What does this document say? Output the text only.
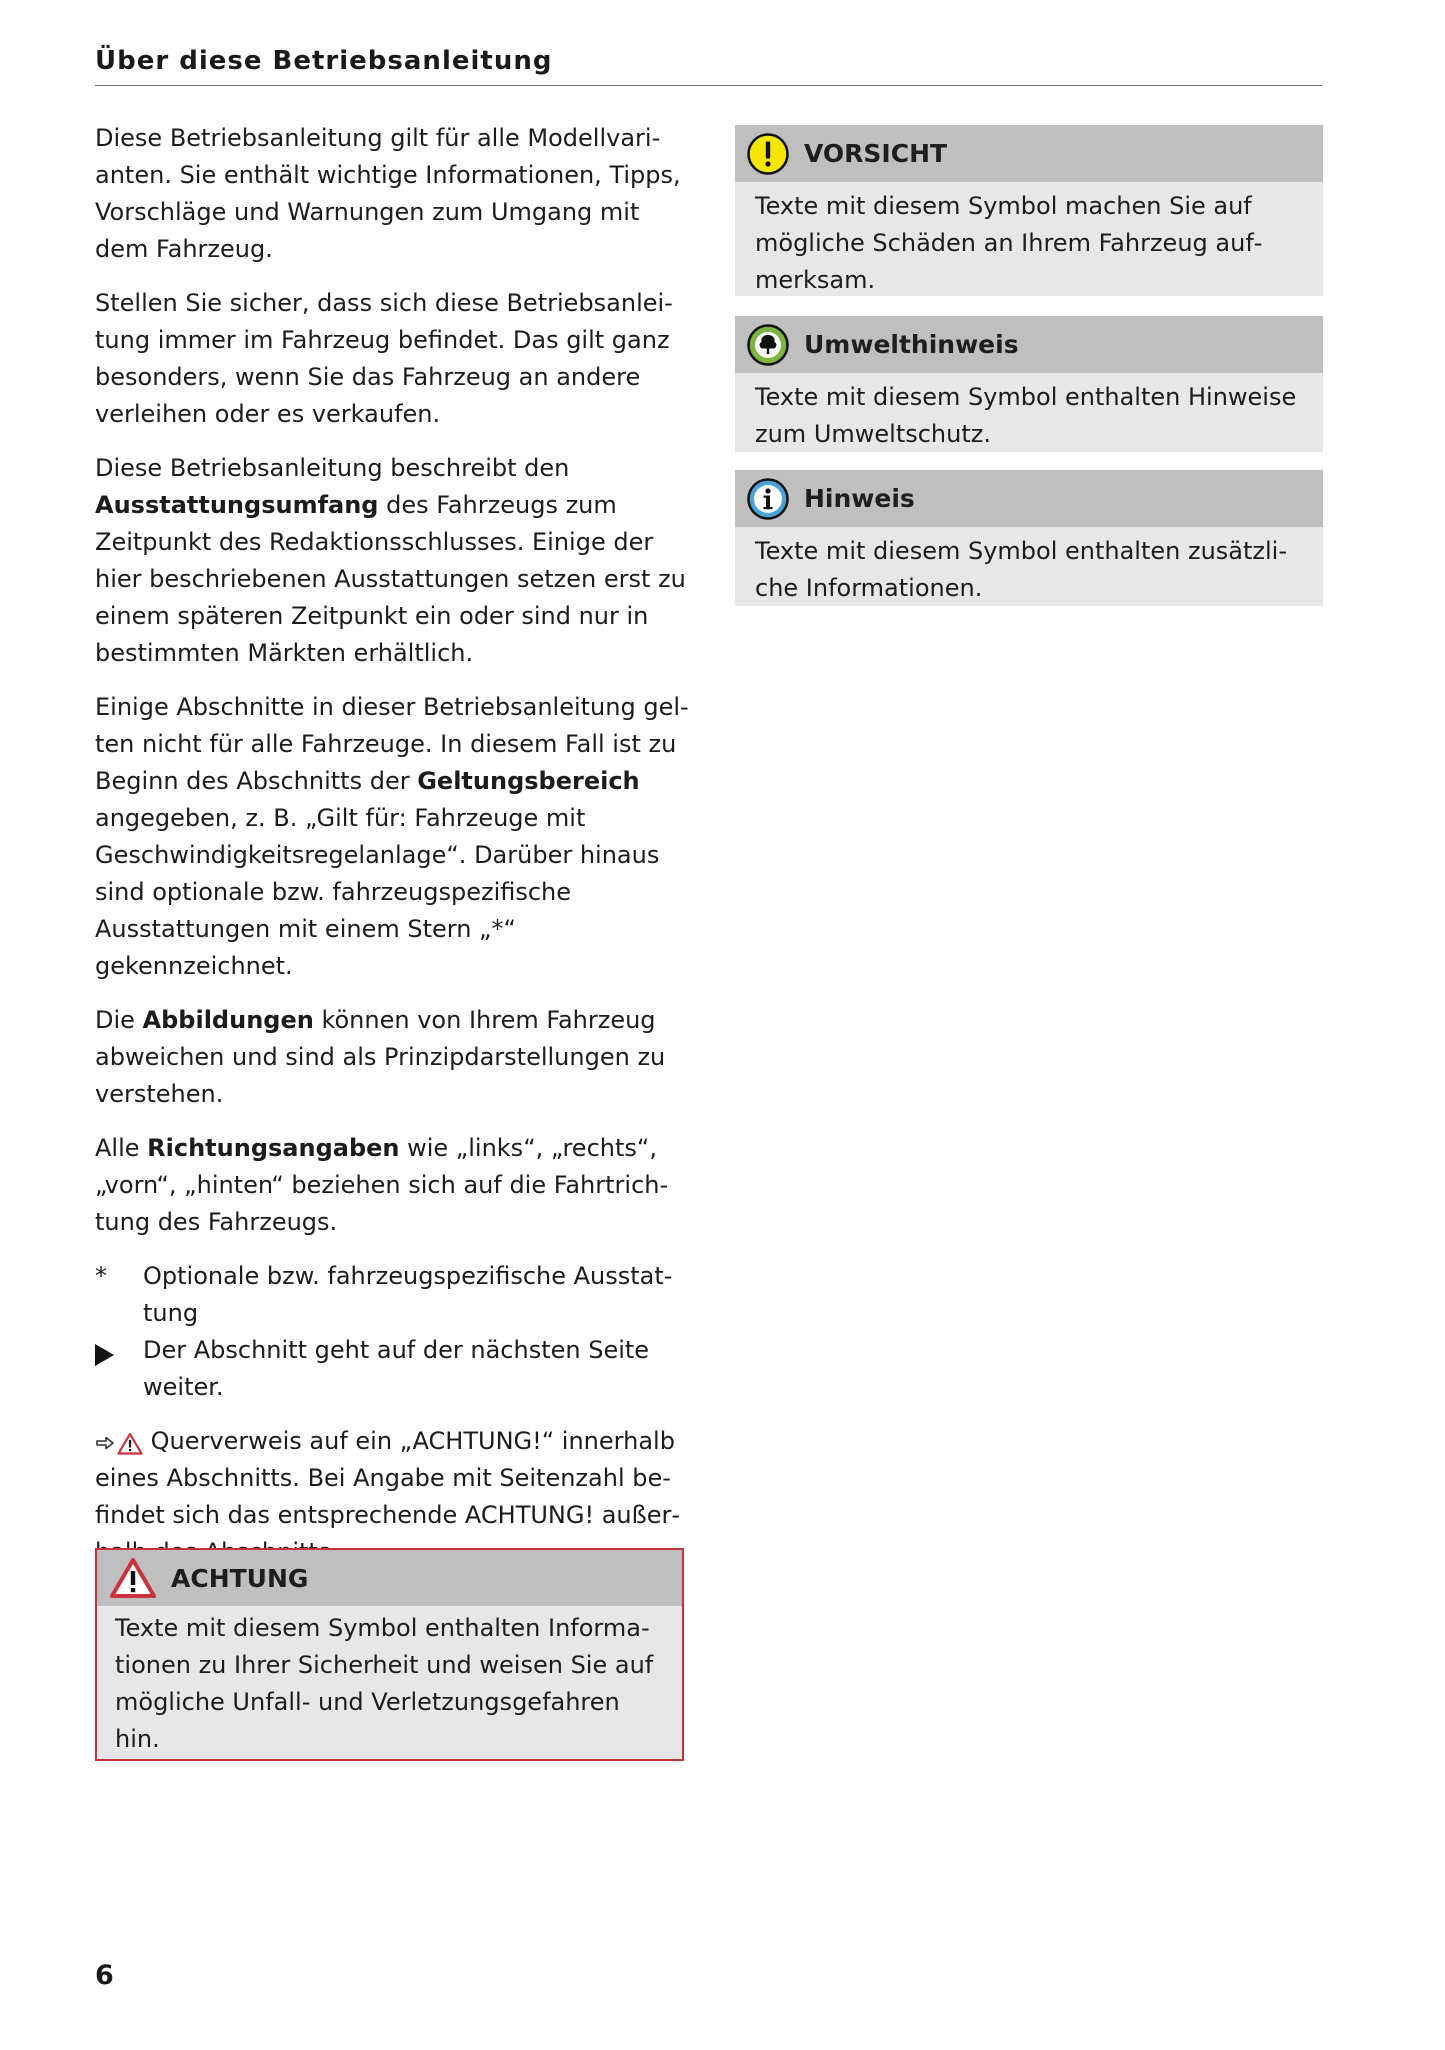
Über diese Betriebsanleitung

Diese Betriebsanleitung gilt für alle Modellvarianten. Sie enthält wichtige Informationen, Tipps, Vorschläge und Warnungen zum Umgang mit dem Fahrzeug.

Stellen Sie sicher, dass sich diese Betriebsanleitung immer im Fahrzeug befindet. Das gilt ganz besonders, wenn Sie das Fahrzeug an andere verleihen oder es verkaufen.

Diese Betriebsanleitung beschreibt den Ausstattungsumfang des Fahrzeugs zum Zeitpunkt des Redaktionsschlusses. Einige der hier beschriebenen Ausstattungen setzen erst zu einem späteren Zeitpunkt ein oder sind nur in bestimmten Märkten erhältlich.

Einige Abschnitte in dieser Betriebsanleitung gelten nicht für alle Fahrzeuge. In diesem Fall ist zu Beginn des Abschnitts der Geltungsbereich angegeben, z. B. „Gilt für: Fahrzeuge mit Geschwindigkeitsregelanlage“. Darüber hinaus sind optionale bzw. fahrzeugspezifische Ausstattungen mit einem Stern „*“ gekennzeichnet.

Die Abbildungen können von Ihrem Fahrzeug abweichen und sind als Prinzipdarstellungen zu verstehen.

Alle Richtungsangaben wie „links“, „rechts“, „vorn“, „hinten“ beziehen sich auf die Fahrtrichtung des Fahrzeugs.

*	Optionale bzw. fahrzeugspezifische Ausstattung
Der Abschnitt geht auf der nächsten Seite weiter.

Querverweis auf ein „ACHTUNG!“ innerhalb eines Abschnitts. Bei Angabe mit Seitenzahl befindet sich das entsprechende ACHTUNG! außer

ACHTUNG
Texte mit diesem Symbol enthalten Informationen zu Ihrer Sicherheit und weisen Sie auf mögliche Unfall- und Verletzungsgefahren hin.
VORSICHT
Texte mit diesem Symbol machen Sie auf mögliche Schäden an Ihrem Fahrzeug aufmerksam.
Umwelthinweis
Texte mit diesem Symbol enthalten Hinweise zum Umweltschutz.
Hinweis
Texte mit diesem Symbol enthalten zusätzliche Informationen.
6
